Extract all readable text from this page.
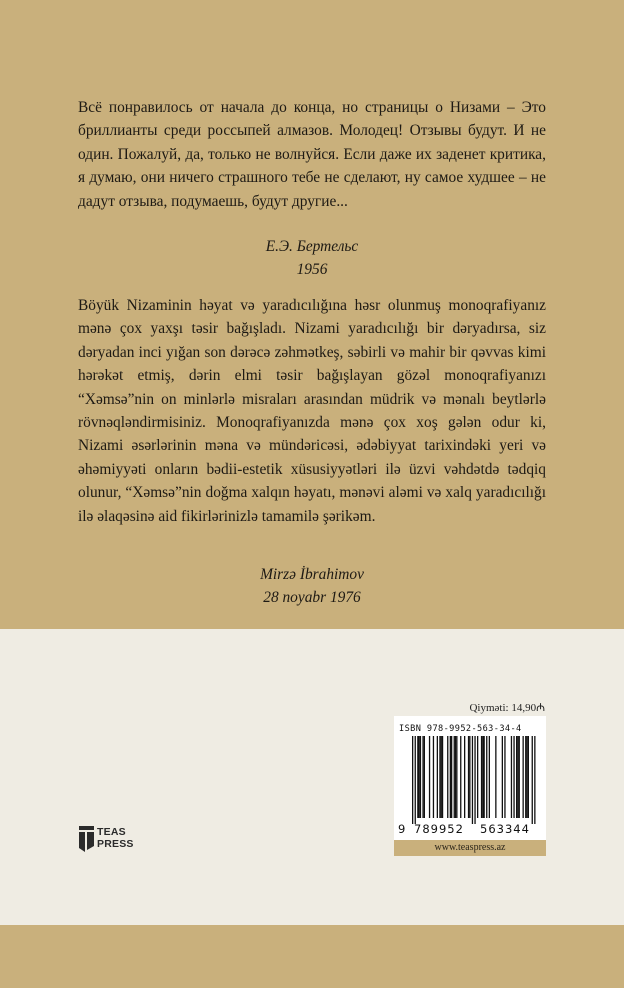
Всё понравилось от начала до конца, но страницы о Низами – Это бриллианты среди россыпей алмазов. Молодец! Отзывы будут. И не один. Пожалуй, да, только не волнуйся. Если даже их заденет критика, я думаю, они ничего страшного тебе не сделают, ну самое худшее – не дадут отзыва, подумаешь, будут другие...

Е.Э. Бертельс
1956

Böyük Nizaminin həyat və yaradıcılığına həsr olunmuş monoqrafiyanız mənə çox yaxşı təsir bağışladı. Nizami yaradıcılığı bir dəryadırsa, siz dəryadan inci yığan son dərəcə zəhmətkeş, səbirli və mahir bir qəvvas kimi hərəkət etmiş, dərin elmi təsir bağışlayan gözəl monoqrafiyanızı “Xəmsə”nin on minlərlə misraları arasından müdrik və mənalı beytlərlə rövnəqləndirmisiniz. Monoqrafiyanızda mənə çox xoş gələn odur ki, Nizami əsərlərinin məna və mündəricəsi, ədəbiyyat tarixindəki yeri və əhəmiyyəti onların bədii-estetik xüsusiyyətləri ilə üzvi vəhdətdə tədqiq olunur, “Xəmsə”nin doğma xalqın həyatı, mənəvi aləmi və xalq yaradıcılığı ilə əlaqəsinə aid fikirlərinizlə tamamilə şərikəm.

Mirzə İbrahimov
28 noyabr 1976

Qiyməti: 14,90₼
ISBN 978-9952-563-34-4
9 789952 563344
www.teaspress.az
TEAS
PRESS
